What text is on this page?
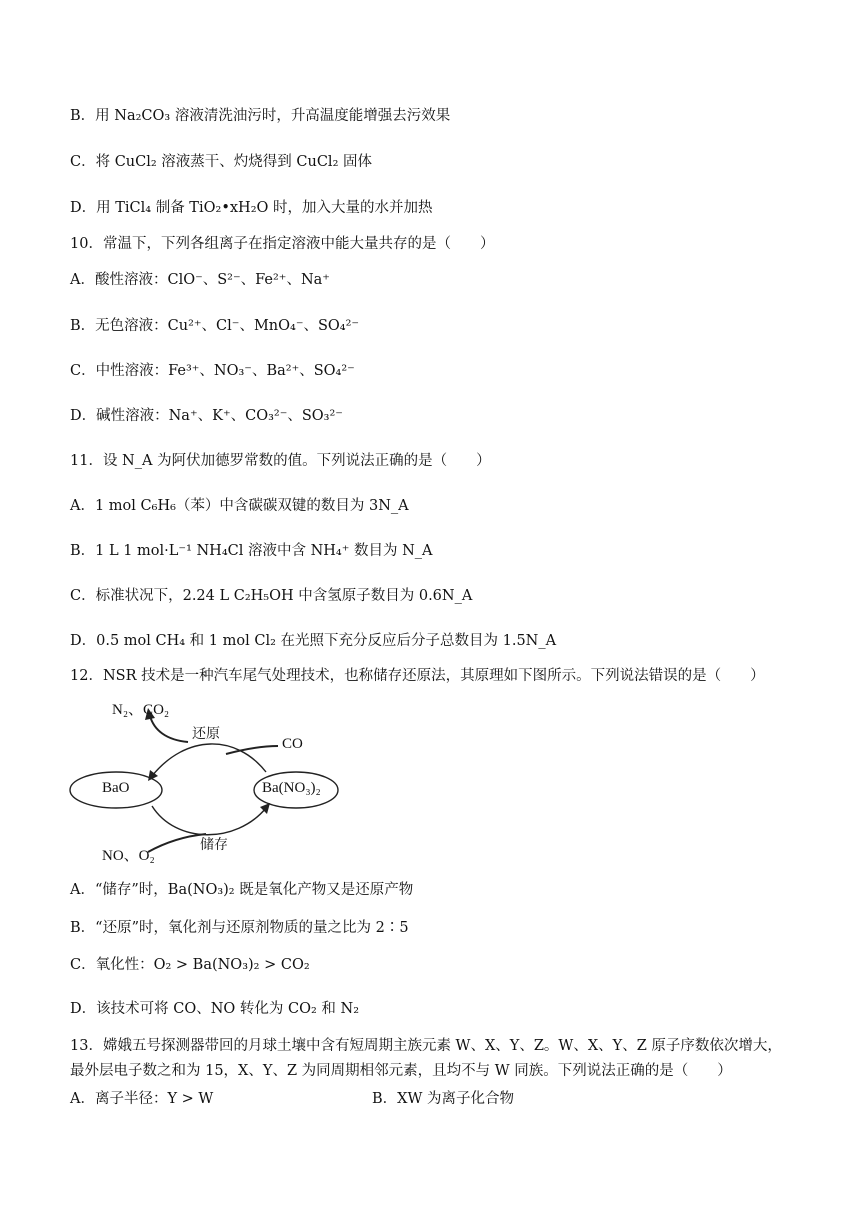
B．用 Na₂CO₃ 溶液清洗油污时，升高温度能增强去污效果
C．将 CuCl₂ 溶液蒸干、灼烧得到 CuCl₂ 固体
D．用 TiCl₄ 制备 TiO₂•xH₂O 时，加入大量的水并加热
10．常温下，下列各组离子在指定溶液中能大量共存的是（　　）
A．酸性溶液：ClO⁻、S²⁻、Fe²⁺、Na⁺
B．无色溶液：Cu²⁺、Cl⁻、MnO₄⁻、SO₄²⁻
C．中性溶液：Fe³⁺、NO₃⁻、Ba²⁺、SO₄²⁻
D．碱性溶液：Na⁺、K⁺、CO₃²⁻、SO₃²⁻
11．设 N_A 为阿伏加德罗常数的值。下列说法正确的是（　　）
A．1 mol C₆H₆（苯）中含碳碳双键的数目为 3N_A
B．1 L 1 mol·L⁻¹ NH₄Cl 溶液中含 NH₄⁺ 数目为 N_A
C．标准状况下，2.24 L C₂H₅OH 中含氢原子数目为 0.6N_A
D．0.5 mol CH₄ 和 1 mol Cl₂ 在光照下充分反应后分子总数目为 1.5N_A
12．NSR 技术是一种汽车尾气处理技术，也称储存还原法，其原理如下图所示。下列说法错误的是（　　）
BaO	Ba(NO₃)₂
还原
储存
N₂、CO₂
CO
NO、O₂
A．“储存”时，Ba(NO₃)₂ 既是氧化产物又是还原产物
B．“还原”时，氧化剂与还原剂物质的量之比为 2∶5
C．氧化性：O₂ > Ba(NO₃)₂ > CO₂
D．该技术可将 CO、NO 转化为 CO₂ 和 N₂
13．嫦娥五号探测器带回的月球土壤中含有短周期主族元素 W、X、Y、Z。W、X、Y、Z 原子序数依次增大，
最外层电子数之和为 15，X、Y、Z 为同周期相邻元素，且均不与 W 同族。下列说法正确的是（　　）
A．离子半径：Y > W	B．XW 为离子化合物
